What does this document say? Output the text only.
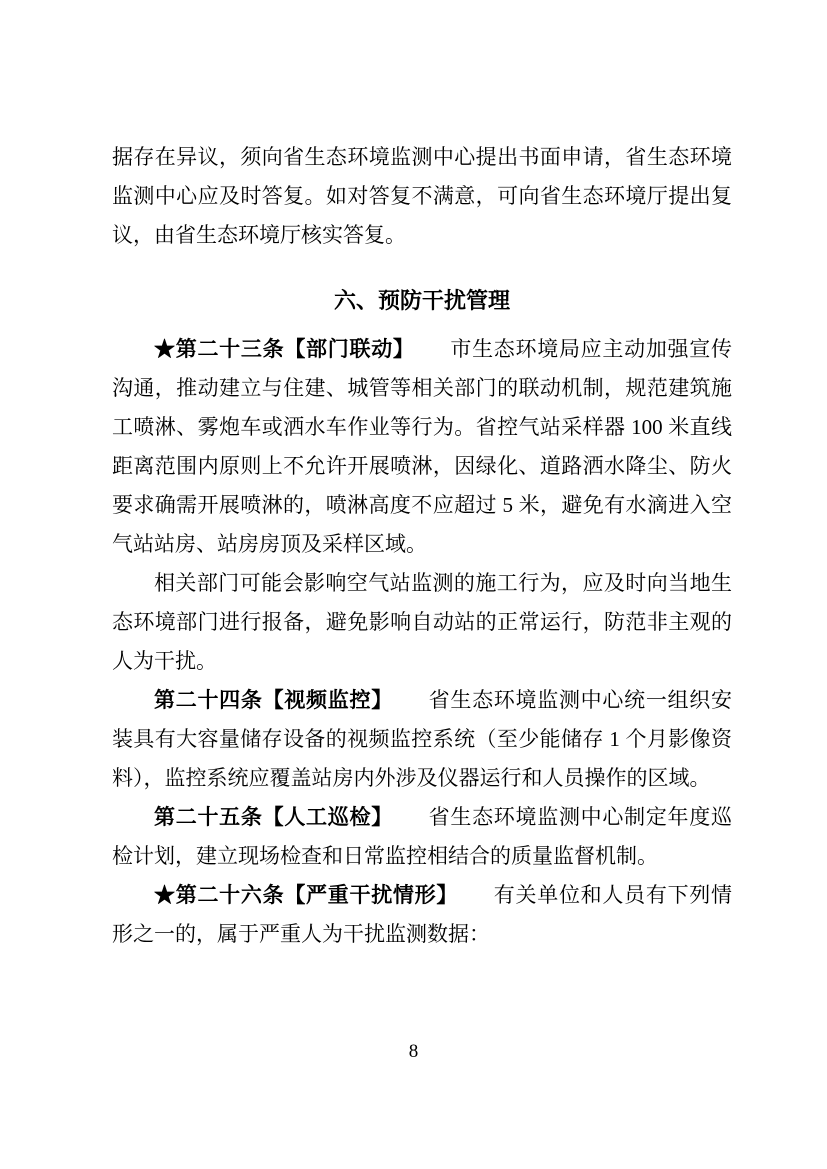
据存在异议，须向省生态环境监测中心提出书面申请，省生态环境监测中心应及时答复。如对答复不满意，可向省生态环境厅提出复议，由省生态环境厅核实答复。

六、预防干扰管理

★第二十三条【部门联动】 市生态环境局应主动加强宣传沟通，推动建立与住建、城管等相关部门的联动机制，规范建筑施工喷淋、雾炮车或洒水车作业等行为。省控气站采样器 100 米直线距离范围内原则上不允许开展喷淋，因绿化、道路洒水降尘、防火要求确需开展喷淋的，喷淋高度不应超过 5 米，避免有水滴进入空气站站房、站房房顶及采样区域。

相关部门可能会影响空气站监测的施工行为，应及时向当地生态环境部门进行报备，避免影响自动站的正常运行，防范非主观的人为干扰。

第二十四条【视频监控】 省生态环境监测中心统一组织安装具有大容量储存设备的视频监控系统（至少能储存 1 个月影像资料），监控系统应覆盖站房内外涉及仪器运行和人员操作的区域。

第二十五条【人工巡检】 省生态环境监测中心制定年度巡检计划，建立现场检查和日常监控相结合的质量监督机制。

★第二十六条【严重干扰情形】 有关单位和人员有下列情形之一的，属于严重人为干扰监测数据：

8
